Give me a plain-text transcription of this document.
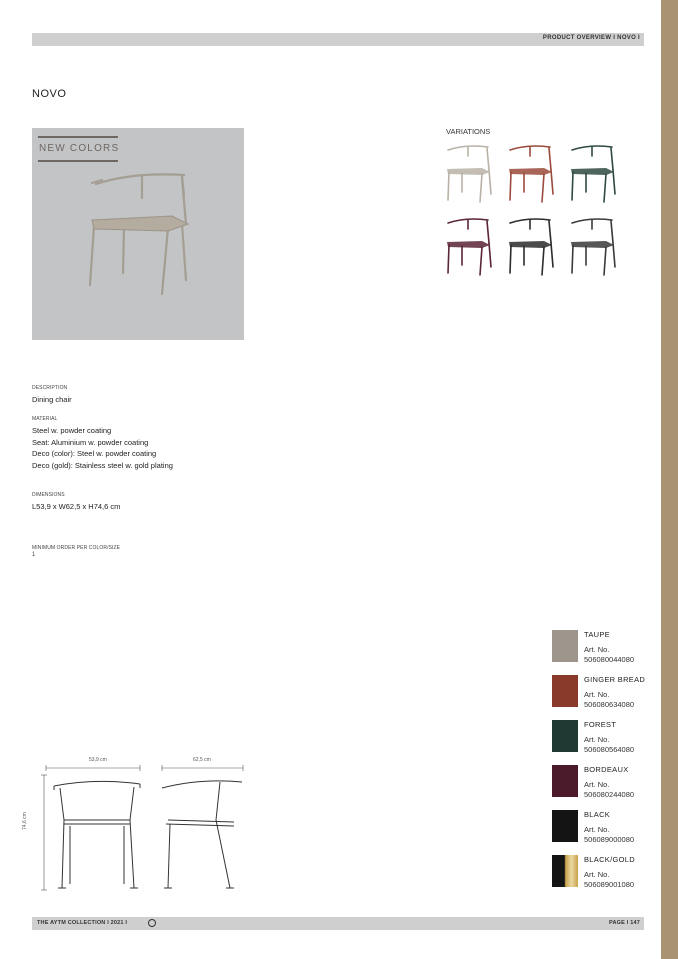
PRODUCT OVERVIEW I NOVO I
NOVO
NEW COLORS
VARIATIONS
DESCRIPTION
Dining chair
MATERIAL
Steel w. powder coating
Seat: Aluminium w. powder coating
Deco (color): Steel w. powder coating
Deco (gold): Stainless steel w. gold plating
DIMENSIONS
L53,9 x W62,5 x H74,6 cm
MINIMUM ORDER PER COLOR/SIZE
1
53,9 cm	62,5 cm
74,6 cm
TAUPE
Art. No.
506080044080
GINGER BREAD
Art. No.
506080634080
FOREST
Art. No.
506080564080
BORDEAUX
Art. No.
506080244080
BLACK
Art. No.
506089000080
BLACK/GOLD
Art. No.
506089001080
THE AYTM COLLECTION I 2021 I	PAGE I 147
